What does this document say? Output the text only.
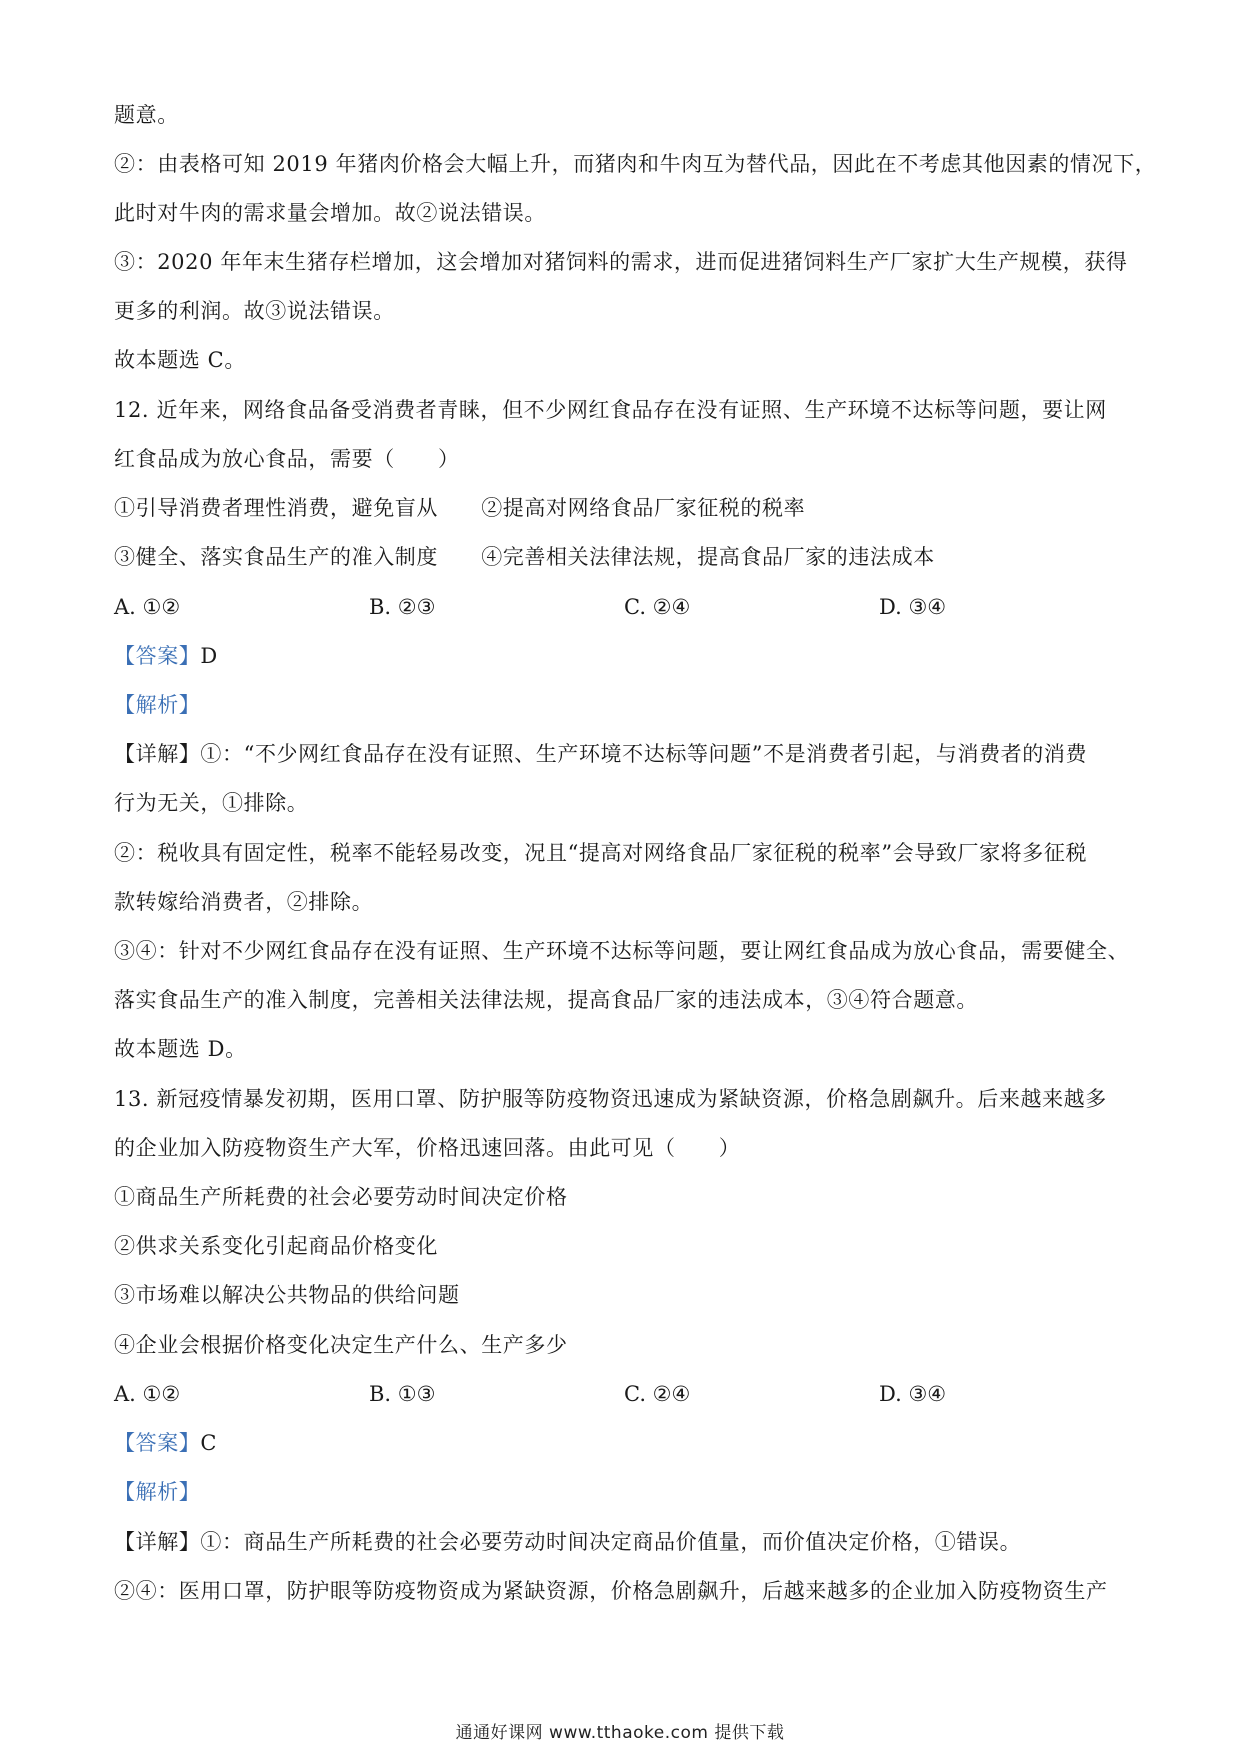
题意。
②：由表格可知 2019 年猪肉价格会大幅上升，而猪肉和牛肉互为替代品，因此在不考虑其他因素的情况下，
此时对牛肉的需求量会增加。故②说法错误。
③：2020 年年末生猪存栏增加，这会增加对猪饲料的需求，进而促进猪饲料生产厂家扩大生产规模，获得
更多的利润。故③说法错误。
故本题选 C。
12. 近年来，网络食品备受消费者青睐，但不少网红食品存在没有证照、生产环境不达标等问题，要让网
红食品成为放心食品，需要（　　）
①引导消费者理性消费，避免盲从　　②提高对网络食品厂家征税的税率
③健全、落实食品生产的准入制度　　④完善相关法律法规，提高食品厂家的违法成本
A. ①②	B. ②③	C. ②④	D. ③④
【答案】D
【解析】
【详解】①：“不少网红食品存在没有证照、生产环境不达标等问题”不是消费者引起，与消费者的消费
行为无关，①排除。
②：税收具有固定性，税率不能轻易改变，况且“提高对网络食品厂家征税的税率”会导致厂家将多征税
款转嫁给消费者，②排除。
③④：针对不少网红食品存在没有证照、生产环境不达标等问题，要让网红食品成为放心食品，需要健全、
落实食品生产的准入制度，完善相关法律法规，提高食品厂家的违法成本，③④符合题意。
故本题选 D。
13. 新冠疫情暴发初期，医用口罩、防护服等防疫物资迅速成为紧缺资源，价格急剧飙升。后来越来越多
的企业加入防疫物资生产大军，价格迅速回落。由此可见（　　）
①商品生产所耗费的社会必要劳动时间决定价格
②供求关系变化引起商品价格变化
③市场难以解决公共物品的供给问题
④企业会根据价格变化决定生产什么、生产多少
A. ①②	B. ①③	C. ②④	D. ③④
【答案】C
【解析】
【详解】①：商品生产所耗费的社会必要劳动时间决定商品价值量，而价值决定价格，①错误。
②④：医用口罩，防护眼等防疫物资成为紧缺资源，价格急剧飙升，后越来越多的企业加入防疫物资生产
通通好课网 www.tthaoke.com 提供下载
